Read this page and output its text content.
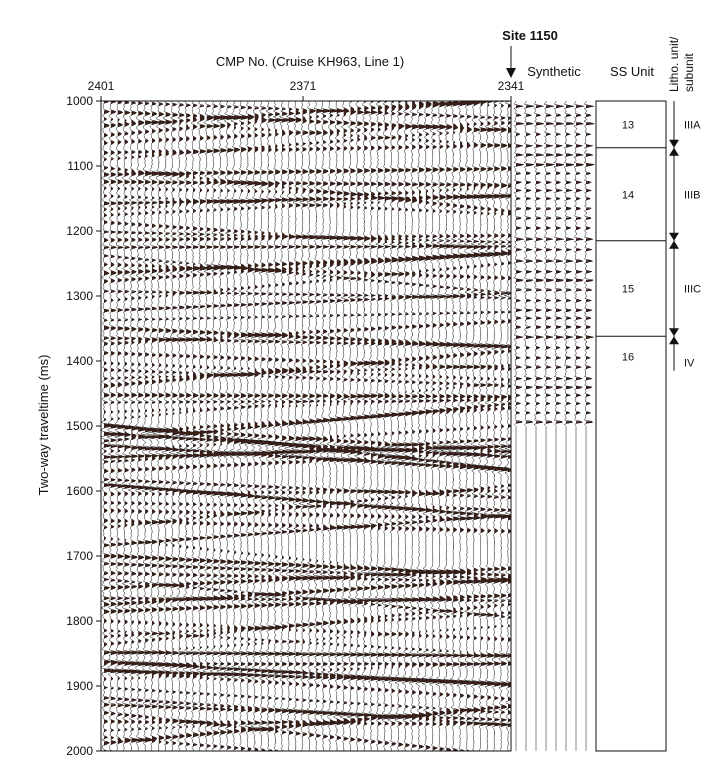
Site 1150
CMP No. (Cruise KH963, Line 1)
Synthetic SS Unit Litho. unit/ subunit
2401	2371	2341
Two-way traveltime (ms)
1000
1100
1200
1300
1400
1500
1600
1700
1800
1900
2000
13
14
15
16
IIIA
IIIB
IIIC
IV
